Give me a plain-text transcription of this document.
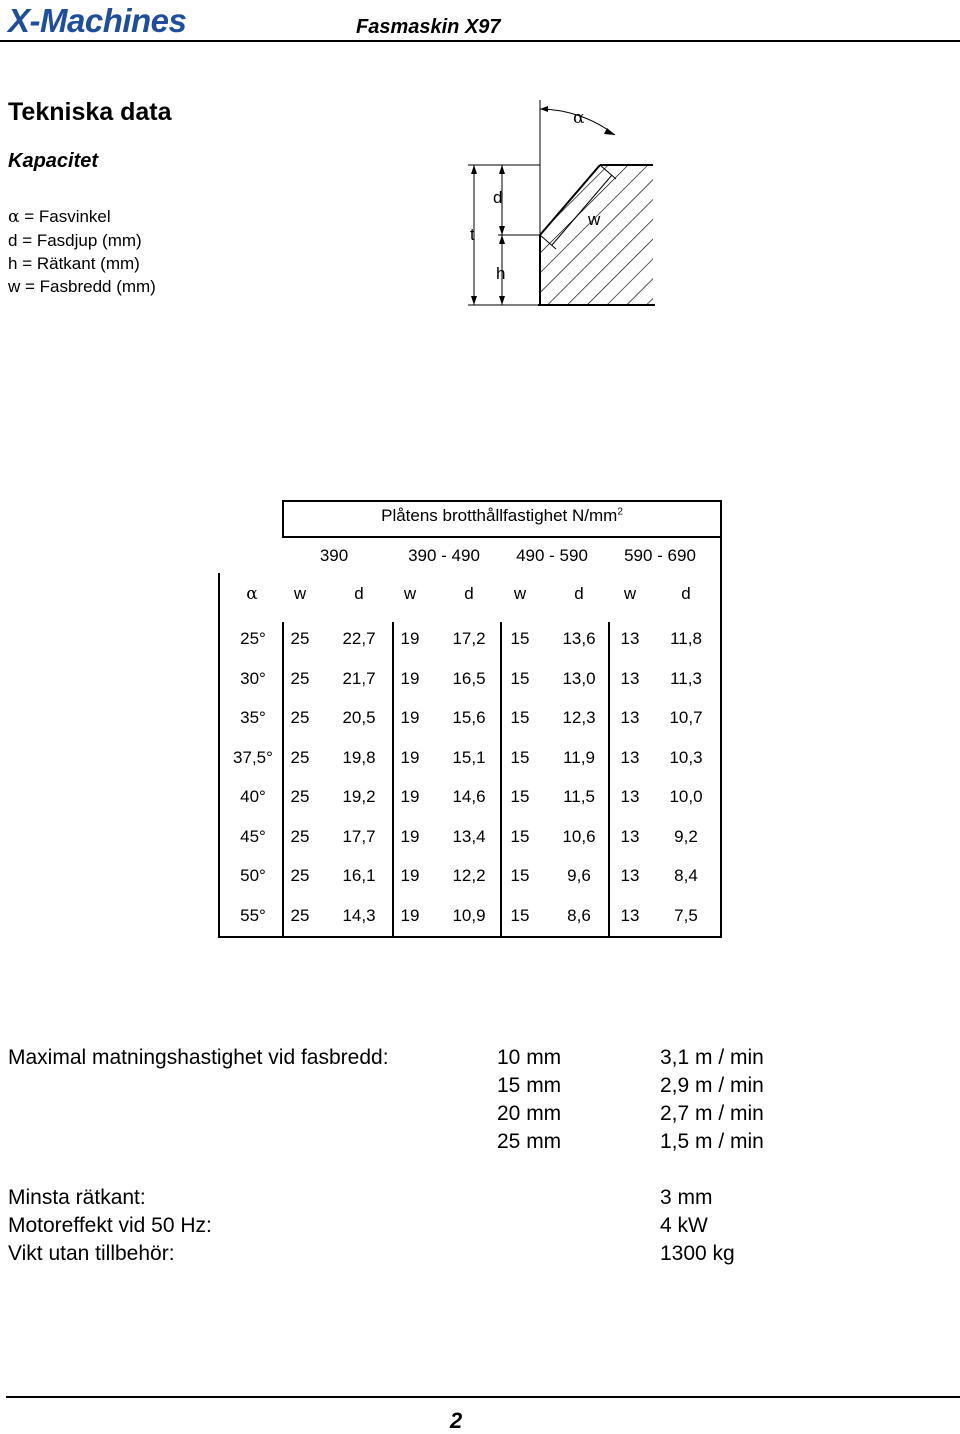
X-Machines	Fasmaskin X97
Tekniska data
Kapacitet
α = Fasvinkel
d = Fasdjup (mm)
h = Rätkant (mm)
w = Fasbredd (mm)
α
d
t
h
w
Plåtens brotthållfastighet $N/mm^2$
390	390 - 490	490 - 590	590 - 690
α	w	d	w	d	w	d	w	d
25°	25	22,7	19	17,2	15	13,6	13	11,8
30°	25	21,7	19	16,5	15	13,0	13	11,3
35°	25	20,5	19	15,6	15	12,3	13	10,7
37,5°	25	19,8	19	15,1	15	11,9	13	10,3
40°	25	19,2	19	14,6	15	11,5	13	10,0
45°	25	17,7	19	13,4	15	10,6	13	9,2
50°	25	16,1	19	12,2	15	9,6	13	8,4
55°	25	14,3	19	10,9	15	8,6	13	7,5
Maximal matningshastighet vid fasbredd:	10 mm	3,1 m / min
15 mm	2,9 m / min
20 mm	2,7 m / min
25 mm	1,5 m / min
Minsta rätkant:	3 mm
Motoreffekt vid 50 Hz:	4 kW
Vikt utan tillbehör:	1300 kg
2
